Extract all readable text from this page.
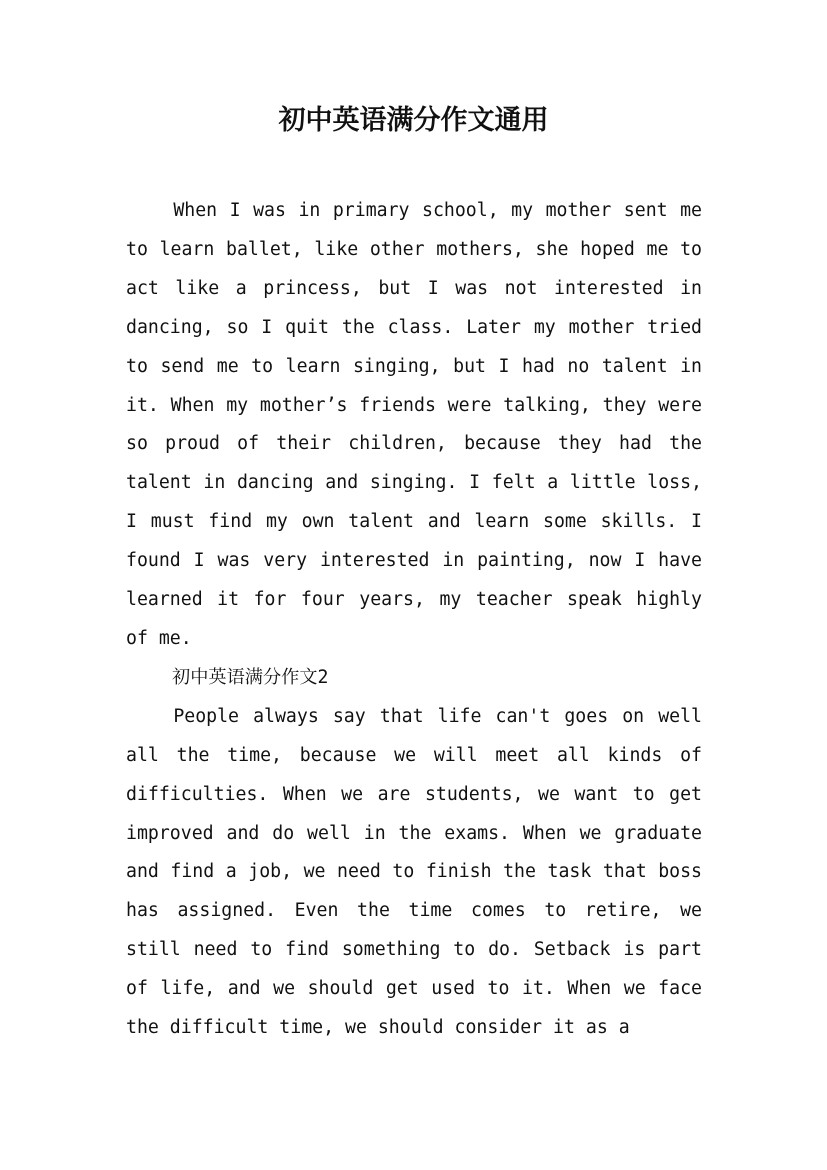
初中英语满分作文通用

When I was in primary school, my mother sent me to learn ballet, like other mothers, she hoped me to act like a princess, but I was not interested in dancing, so I quit the class. Later my mother tried to send me to learn singing, but I had no talent in it. When my mother’s friends were talking, they were so proud of their children, because they had the talent in dancing and singing. I felt a little loss, I must find my own talent and learn some skills. I found I was very interested in painting, now I have learned it for four years, my teacher speak highly of me.

初中英语满分作文2

People always say that life can't goes on well all the time, because we will meet all kinds of difficulties. When we are students, we want to get improved and do well in the exams. When we graduate and find a job, we need to finish the task that boss has assigned. Even the time comes to retire, we still need to find something to do. Setback is part of life, and we should get used to it. When we face the difficult time, we should consider it as a
